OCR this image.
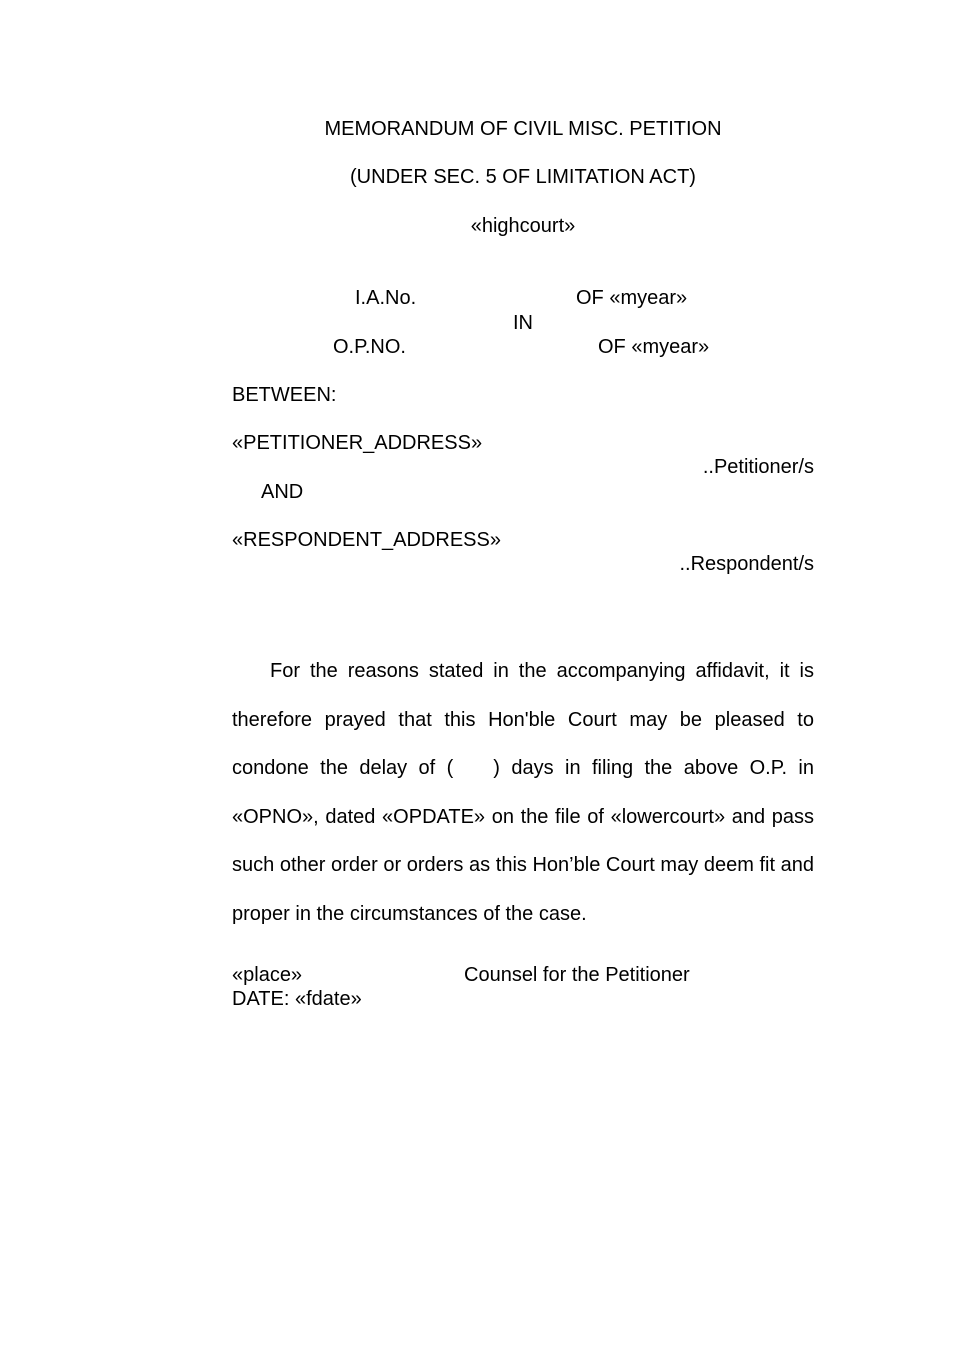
MEMORANDUM OF CIVIL MISC. PETITION
(UNDER SEC. 5 OF LIMITATION ACT)
«highcourt»
I.A.No.	OF «myear»
IN
O.P.NO.	OF «myear»
BETWEEN:
«PETITIONER_ADDRESS»
..Petitioner/s
AND
«RESPONDENT_ADDRESS»
..Respondent/s
For the reasons stated in the accompanying affidavit, it is therefore prayed that this Hon'ble Court may be pleased to condone the delay of ( ) days in filing the above O.P. in «OPNO», dated «OPDATE» on the file of «lowercourt» and pass such other order or orders as this Hon’ble Court may deem fit and proper in the circumstances of the case.
«place»	Counsel for the Petitioner
DATE: «fdate»
